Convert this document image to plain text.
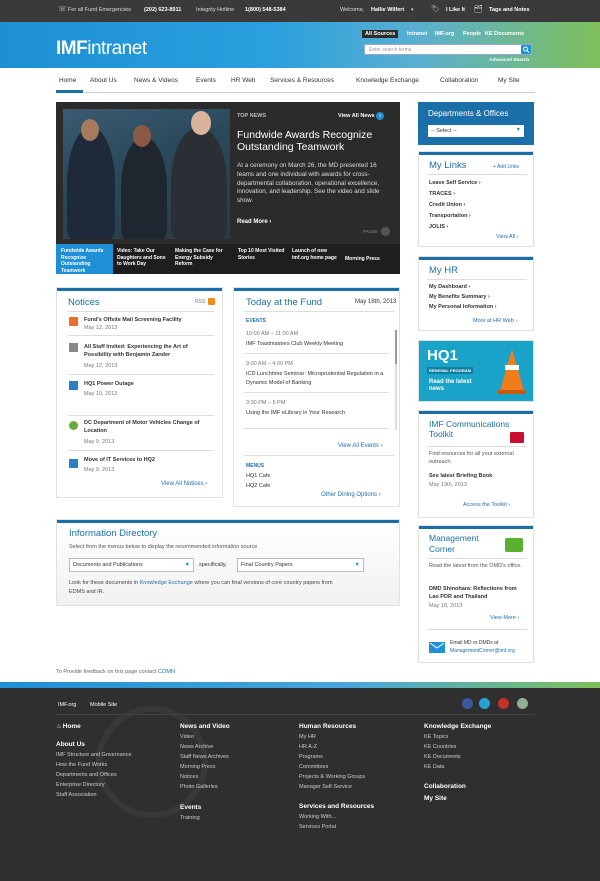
☏ For all Fund Emergencies (202) 623-8911	Integrity Hotline 1(800) 548-5384	Welcome, Hallie Wilfert ▾ 🏷 I Like It 🗂 Tags and Notes
IMFintranet
All Sources	Intranet	IMF.org	People KE Documents
Enter search terms
Advanced Search
Home About Us	News & Videos	Events HR Web Services & Resources	Knowledge Exchange	Collaboration	My Site
TOP NEWS	View All News ›
Fundwide Awards Recognize Outstanding Teamwork
At a ceremony on March 26, the MD presented 16 teams and one individual with awards for cross-departmental collaboration, operational excellence, innovation, and leadership. See the video and slide show.
Read More ›
PAUSE
Fundwide Awards Recognize Outstanding Teamwork
Video: Take Our Daughters and Sons to Work Day
Making the Case for Energy Subsidy Reform
Top 10 Most Visited Stories
Launch of new imf.org home page	Morning Press
Notices	RSS
Fund's Offsite Mail Screening Facility
May 12, 2013
All Staff Invited: Experiencing the Art of Possibility with Benjamin Zander
May 12, 2013
HQ1 Power Outage
May 10, 2013
DC Department of Motor Vehicles Change of Location
May 9, 2013
Move of IT Services to HQ2
May 9, 2013
View All Notices ›
Today at the Fund	May 18th, 2013
EVENTS
10:00 AM – 11:00 AM
IMF Toastmasters Club Weekly Meeting
9:00 AM – 4:00 PM
ICD Lunchtime Seminar: Microprudential Regulation in a Dynamic Model of Banking
3:30 PM – 5 PM
Using the IMF eLibrary in Your Research
View All Events ›
MENUS
HQ1 Cafe
HQ2 Cafe
Other Dining Options ›
Information Directory
Select from the menus below to display the recommended information source
Documents and Publications	▼ specifically,	Final Country Papers	▼
Look for these documents in Knowledge Exchange where you can final versions of core country papers from EDMS and IR.
To Provide feedback on this page contact COMN
Departments & Offices
-- Select --	▼
My Links	+ Add Links
Leave Self Service ›
TRACES ›
Credit Union ›
Transportation ›
JOLIS ›
View All ›
My HR
My Dashboard ›
My Benefits Summary ›
My Personal Information ›
More at HR Web ›
HQ1
RENEWAL PROGRAM
Read the latest news
IMF Communications Toolkit
Find resources for all your external outreach.
See latest Briefing Book
May 13th, 2013
Access the Toolkit ›
Management Corner
Read the latest from the OMD's office.
DMD Shinohara: Reflections from Lao PDR and Thailand
May 18, 2013
View More ›
Email MD or DMDs at
ManagementCorner@imf.org
IMF.org Mobile Site
⌂ Home
About Us
IMF Structure and Governance
How the Fund Works
Departments and Offices
Enterprise Directory
Staff Association
News and Video
Video
News Archive
Staff News Archives
Morning Press
Notices
Photo Galleries
Events
Training
Human Resources
My HR
HR A-Z
Programs
Committees
Projects & Working Groups
Manager Self-Service
Services and Resources
Working With...
Services Portal
Knowledge Exchange
KE Topics
KE Countries
KE Documents
KE Data
Collaboration
My Site
